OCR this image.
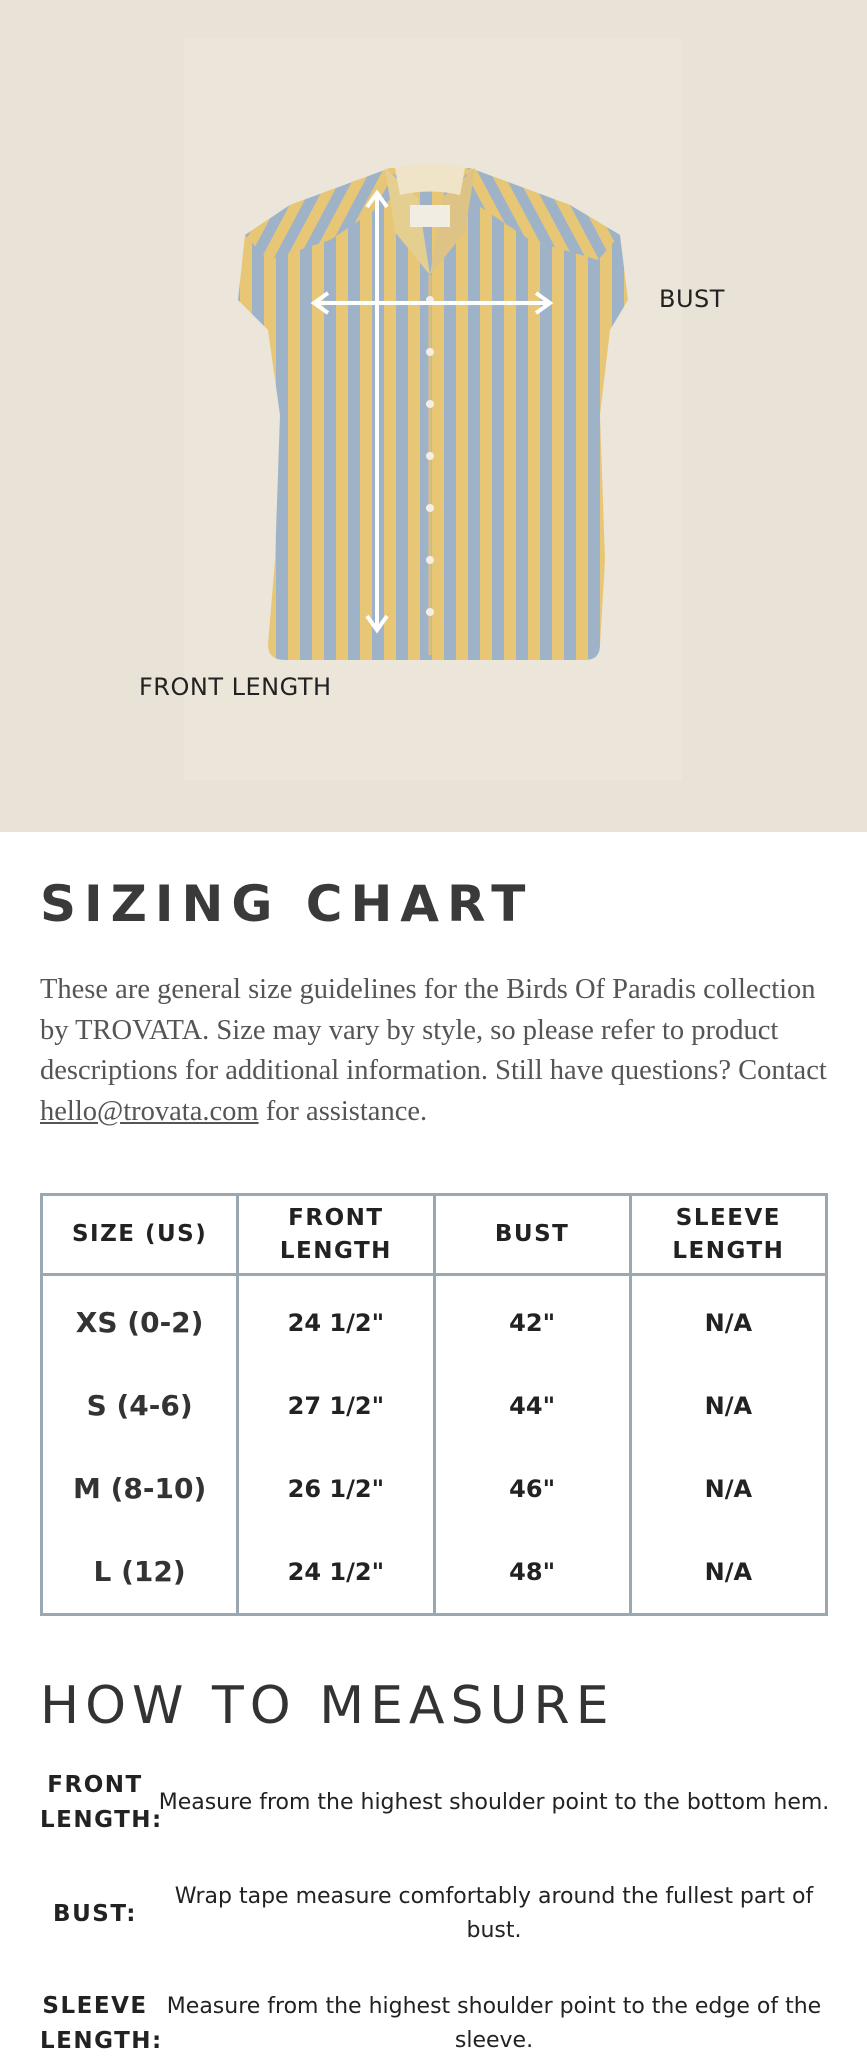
BUST
FRONT LENGTH
SIZING CHART

These are general size guidelines for the Birds Of Paradis collection by TROVATA. Size may vary by style, so please refer to product descriptions for additional information. Still have questions? Contact hello@trovata.com for assistance.

SIZE (US)	FRONT LENGTH	BUST	SLEEVE LENGTH
XS (0-2)	24 1/2"	42"	N/A
S (4-6)	27 1/2"	44"	N/A
M (8-10)	26 1/2"	46"	N/A
L (12)	24 1/2"	48"	N/A
HOW TO MEASURE
FRONT LENGTH:
Measure from the highest shoulder point to the bottom hem.
BUST:
Wrap tape measure comfortably around the fullest part of bust.
SLEEVE LENGTH:
Measure from the highest shoulder point to the edge of the sleeve.
